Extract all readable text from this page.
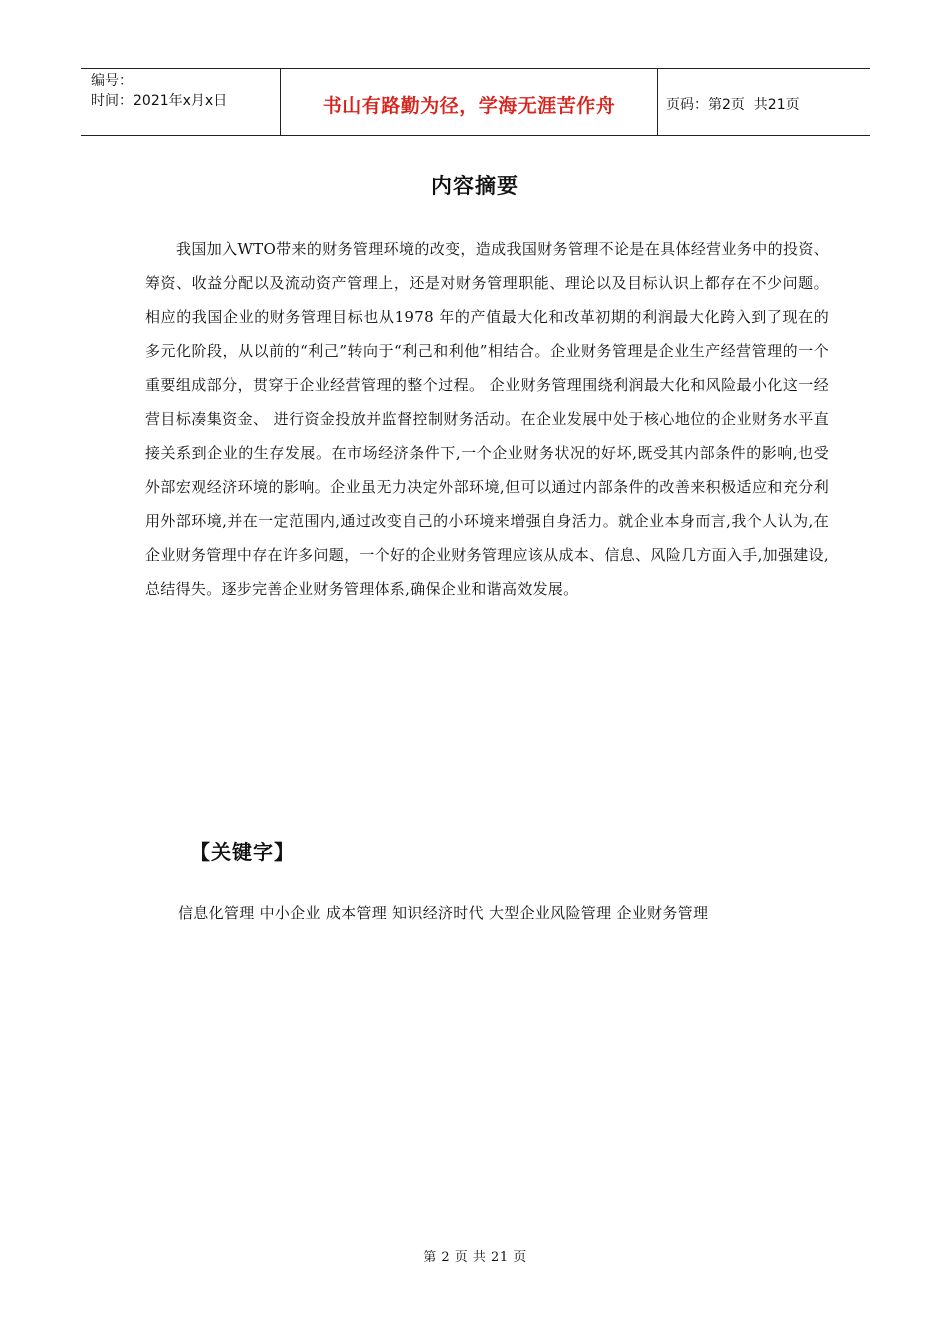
编号：
时间：2021年x月x日	书山有路勤为径，学海无涯苦作舟	页码：第2页  共21页
内容摘要

我国加入WTO带来的财务管理环境的改变，造成我国财务管理不论是在具体经营业务中的投资、筹资、收益分配以及流动资产管理上，还是对财务管理职能、理论以及目标认识上都存在不少问题。相应的我国企业的财务管理目标也从1978 年的产值最大化和改革初期的利润最大化跨入到了现在的多元化阶段，从以前的“利己”转向于“利己和利他”相结合。企业财务管理是企业生产经营管理的一个重要组成部分，贯穿于企业经营管理的整个过程。 企业财务管理围绕利润最大化和风险最小化这一经营目标凑集资金、 进行资金投放并监督控制财务活动。在企业发展中处于核心地位的企业财务水平直接关系到企业的生存发展。在市场经济条件下,一个企业财务状况的好坏,既受其内部条件的影响,也受外部宏观经济环境的影响。企业虽无力决定外部环境,但可以通过内部条件的改善来积极适应和充分利用外部环境,并在一定范围内,通过改变自己的小环境来增强自身活力。就企业本身而言,我个人认为,在企业财务管理中存在许多问题，一个好的企业财务管理应该从成本、信息、风险几方面入手,加强建设,总结得失。逐步完善企业财务管理体系,确保企业和谐高效发展。

【关键字】
信息化管理 中小企业 成本管理 知识经济时代 大型企业风险管理 企业财务管理
第 2 页 共 21 页
